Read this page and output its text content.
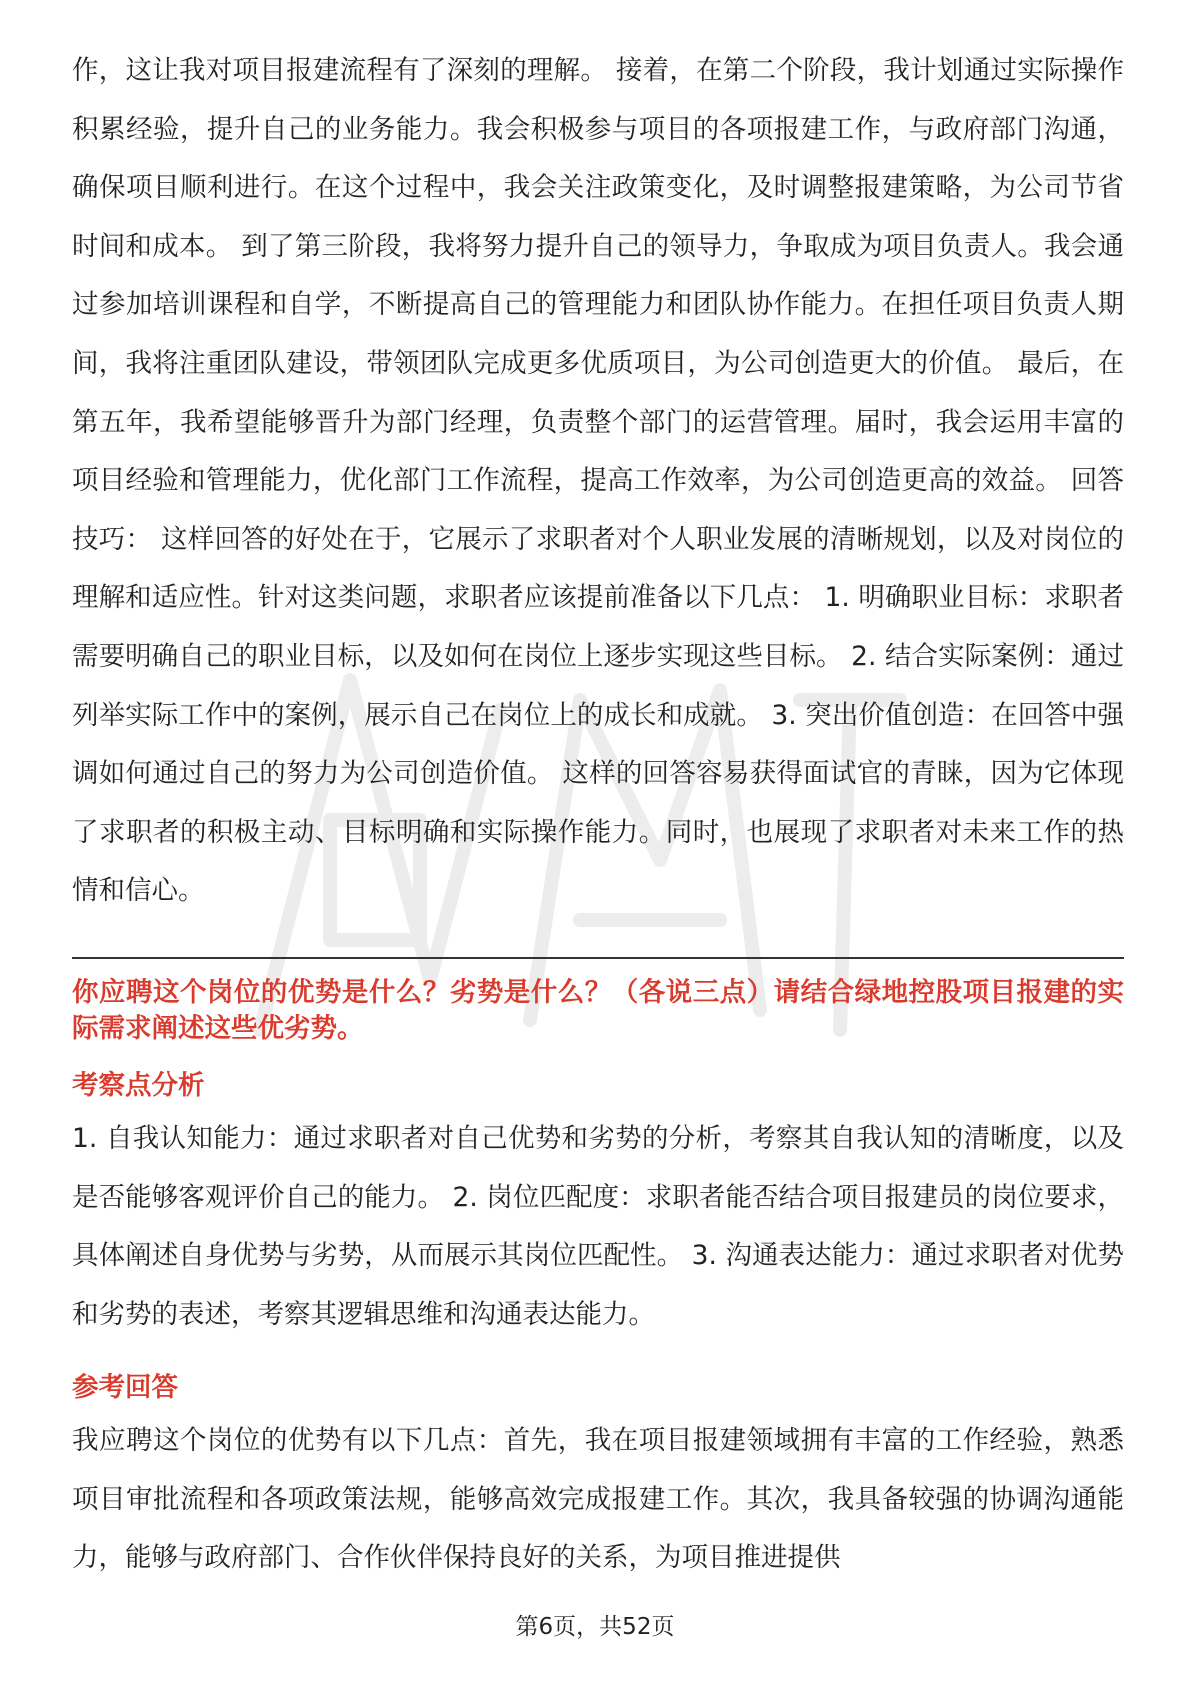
作，这让我对项目报建流程有了深刻的理解。 接着，在第二个阶段，我计划通过实际操作积累经验，提升自己的业务能力。我会积极参与项目的各项报建工作，与政府部门沟通，确保项目顺利进行。在这个过程中，我会关注政策变化，及时调整报建策略，为公司节省时间和成本。 到了第三阶段，我将努力提升自己的领导力，争取成为项目负责人。我会通过参加培训课程和自学，不断提高自己的管理能力和团队协作能力。在担任项目负责人期间，我将注重团队建设，带领团队完成更多优质项目，为公司创造更大的价值。 最后，在第五年，我希望能够晋升为部门经理，负责整个部门的运营管理。届时，我会运用丰富的项目经验和管理能力，优化部门工作流程，提高工作效率，为公司创造更高的效益。 回答技巧： 这样回答的好处在于，它展示了求职者对个人职业发展的清晰规划，以及对岗位的理解和适应性。针对这类问题，求职者应该提前准备以下几点： 1. 明确职业目标：求职者需要明确自己的职业目标，以及如何在岗位上逐步实现这些目标。 2. 结合实际案例：通过列举实际工作中的案例，展示自己在岗位上的成长和成就。 3. 突出价值创造：在回答中强调如何通过自己的努力为公司创造价值。 这样的回答容易获得面试官的青睐，因为它体现了求职者的积极主动、目标明确和实际操作能力。同时，也展现了求职者对未来工作的热情和信心。

你应聘这个岗位的优势是什么？劣势是什么？（各说三点）请结合绿地控股项目报建的实际需求阐述这些优劣势。

考察点分析

1. 自我认知能力：通过求职者对自己优势和劣势的分析，考察其自我认知的清晰度，以及是否能够客观评价自己的能力。 2. 岗位匹配度：求职者能否结合项目报建员的岗位要求，具体阐述自身优势与劣势，从而展示其岗位匹配性。 3. 沟通表达能力：通过求职者对优势和劣势的表述，考察其逻辑思维和沟通表达能力。

参考回答

我应聘这个岗位的优势有以下几点：首先，我在项目报建领域拥有丰富的工作经验，熟悉项目审批流程和各项政策法规，能够高效完成报建工作。其次，我具备较强的协调沟通能力，能够与政府部门、合作伙伴保持良好的关系，为项目推进提供

第6页，共52页
